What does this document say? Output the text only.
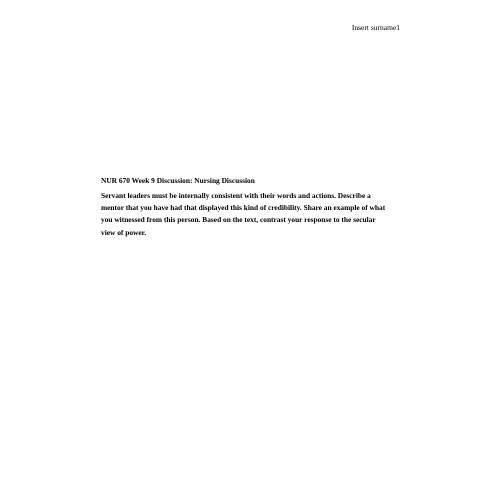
Insert surname1
NUR 670 Week 9 Discussion: Nursing Discussion

Servant leaders must be internally consistent with their words and actions. Describe a
mentor that you have had that displayed this kind of credibility. Share an example of what
you witnessed from this person. Based on the text, contrast your response to the secular
view of power.
